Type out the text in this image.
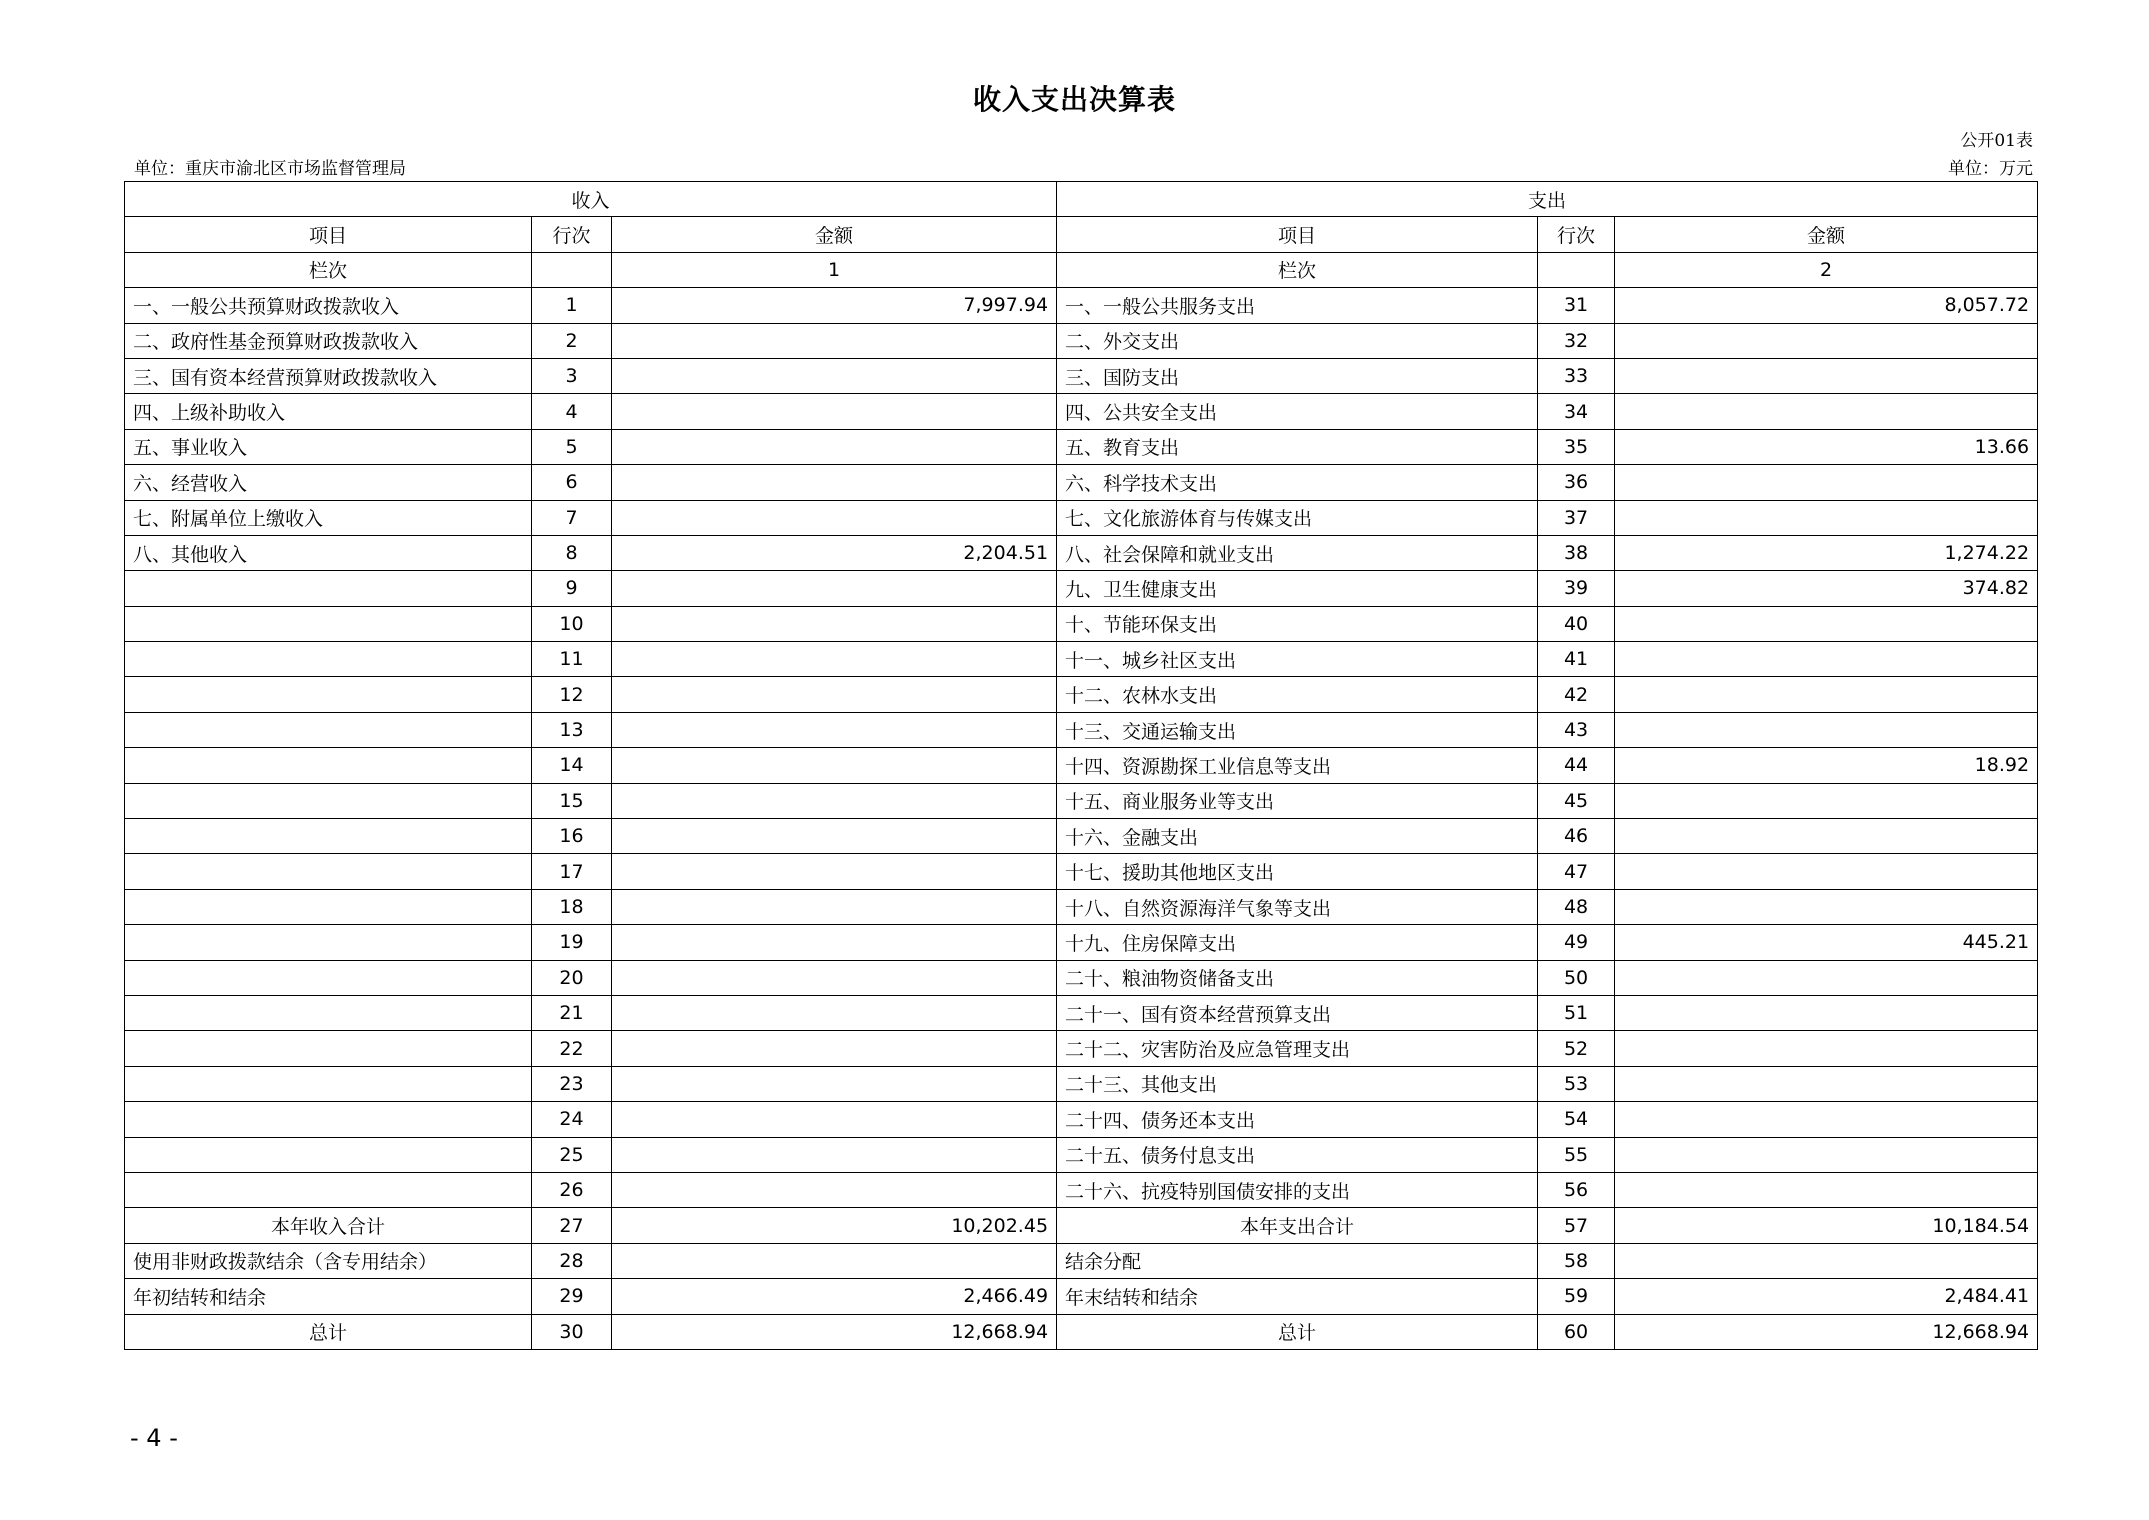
收入支出决算表
公开01表
单位：重庆市渝北区市场监督管理局	单位：万元
收入			支出		
项目	行次	金额	项目	行次	金额
栏次		1	栏次		2
一、一般公共预算财政拨款收入	1	7,997.94	一、一般公共服务支出	31	8,057.72
二、政府性基金预算财政拨款收入	2		二、外交支出	32	
三、国有资本经营预算财政拨款收入	3		三、国防支出	33	
四、上级补助收入	4		四、公共安全支出	34	
五、事业收入	5		五、教育支出	35	13.66
六、经营收入	6		六、科学技术支出	36	
七、附属单位上缴收入	7		七、文化旅游体育与传媒支出	37	
八、其他收入	8	2,204.51	八、社会保障和就业支出	38	1,274.22
	9		九、卫生健康支出	39	374.82
	10		十、节能环保支出	40	
	11		十一、城乡社区支出	41	
	12		十二、农林水支出	42	
	13		十三、交通运输支出	43	
	14		十四、资源勘探工业信息等支出	44	18.92
	15		十五、商业服务业等支出	45	
	16		十六、金融支出	46	
	17		十七、援助其他地区支出	47	
	18		十八、自然资源海洋气象等支出	48	
	19		十九、住房保障支出	49	445.21
	20		二十、粮油物资储备支出	50	
	21		二十一、国有资本经营预算支出	51	
	22		二十二、灾害防治及应急管理支出	52	
	23		二十三、其他支出	53	
	24		二十四、债务还本支出	54	
	25		二十五、债务付息支出	55	
	26		二十六、抗疫特别国债安排的支出	56	
本年收入合计	27	10,202.45	本年支出合计	57	10,184.54
使用非财政拨款结余（含专用结余）	28		结余分配	58	
年初结转和结余	29	2,466.49	年末结转和结余	59	2,484.41
总计	30	12,668.94	总计	60	12,668.94
- 4 -
